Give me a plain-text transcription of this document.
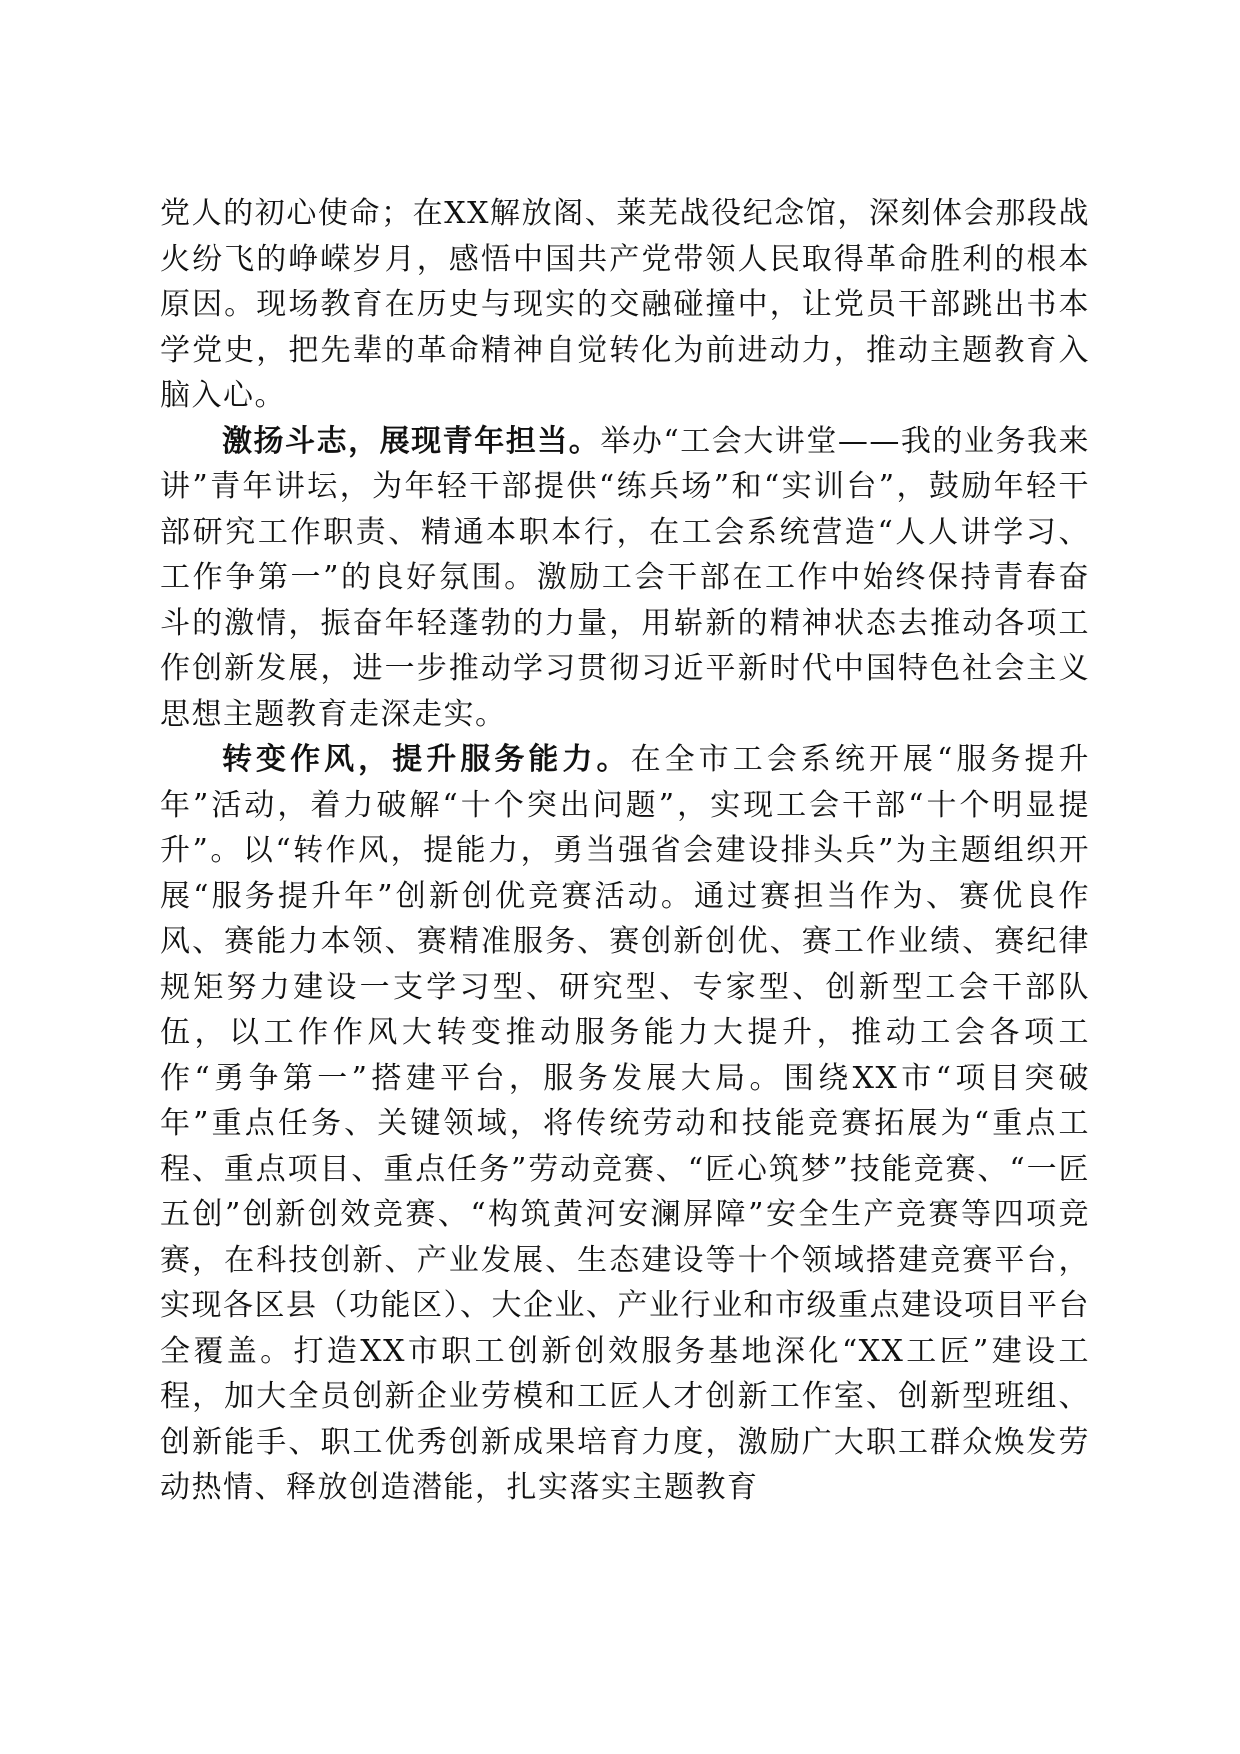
党人的初心使命；在XX解放阁、莱芜战役纪念馆，深刻体会那段战火纷飞的峥嵘岁月，感悟中国共产党带领人民取得革命胜利的根本原因。现场教育在历史与现实的交融碰撞中，让党员干部跳出书本学党史，把先辈的革命精神自觉转化为前进动力，推动主题教育入脑入心。

激扬斗志，展现青年担当。举办“工会大讲堂——我的业务我来讲”青年讲坛，为年轻干部提供“练兵场”和“实训台”，鼓励年轻干部研究工作职责、精通本职本行，在工会系统营造“人人讲学习、工作争第一”的良好氛围。激励工会干部在工作中始终保持青春奋斗的激情，振奋年轻蓬勃的力量，用崭新的精神状态去推动各项工作创新发展，进一步推动学习贯彻习近平新时代中国特色社会主义思想主题教育走深走实。

转变作风，提升服务能力。在全市工会系统开展“服务提升年”活动，着力破解“十个突出问题”，实现工会干部“十个明显提升”。以“转作风，提能力，勇当强省会建设排头兵”为主题组织开展“服务提升年”创新创优竞赛活动。通过赛担当作为、赛优良作风、赛能力本领、赛精准服务、赛创新创优、赛工作业绩、赛纪律规矩努力建设一支学习型、研究型、专家型、创新型工会干部队伍，以工作作风大转变推动服务能力大提升，推动工会各项工作“勇争第一”搭建平台，服务发展大局。围绕XX市“项目突破年”重点任务、关键领域，将传统劳动和技能竞赛拓展为“重点工程、重点项目、重点任务”劳动竞赛、“匠心筑梦”技能竞赛、“一匠五创”创新创效竞赛、“构筑黄河安澜屏障”安全生产竞赛等四项竞赛，在科技创新、产业发展、生态建设等十个领域搭建竞赛平台，实现各区县（功能区）、大企业、产业行业和市级重点建设项目平台全覆盖。打造XX市职工创新创效服务基地深化“XX工匠”建设工程，加大全员创新企业劳模和工匠人才创新工作室、创新型班组、创新能手、职工优秀创新成果培育力度，激励广大职工群众焕发劳动热情、释放创造潜能，扎实落实主题教育
